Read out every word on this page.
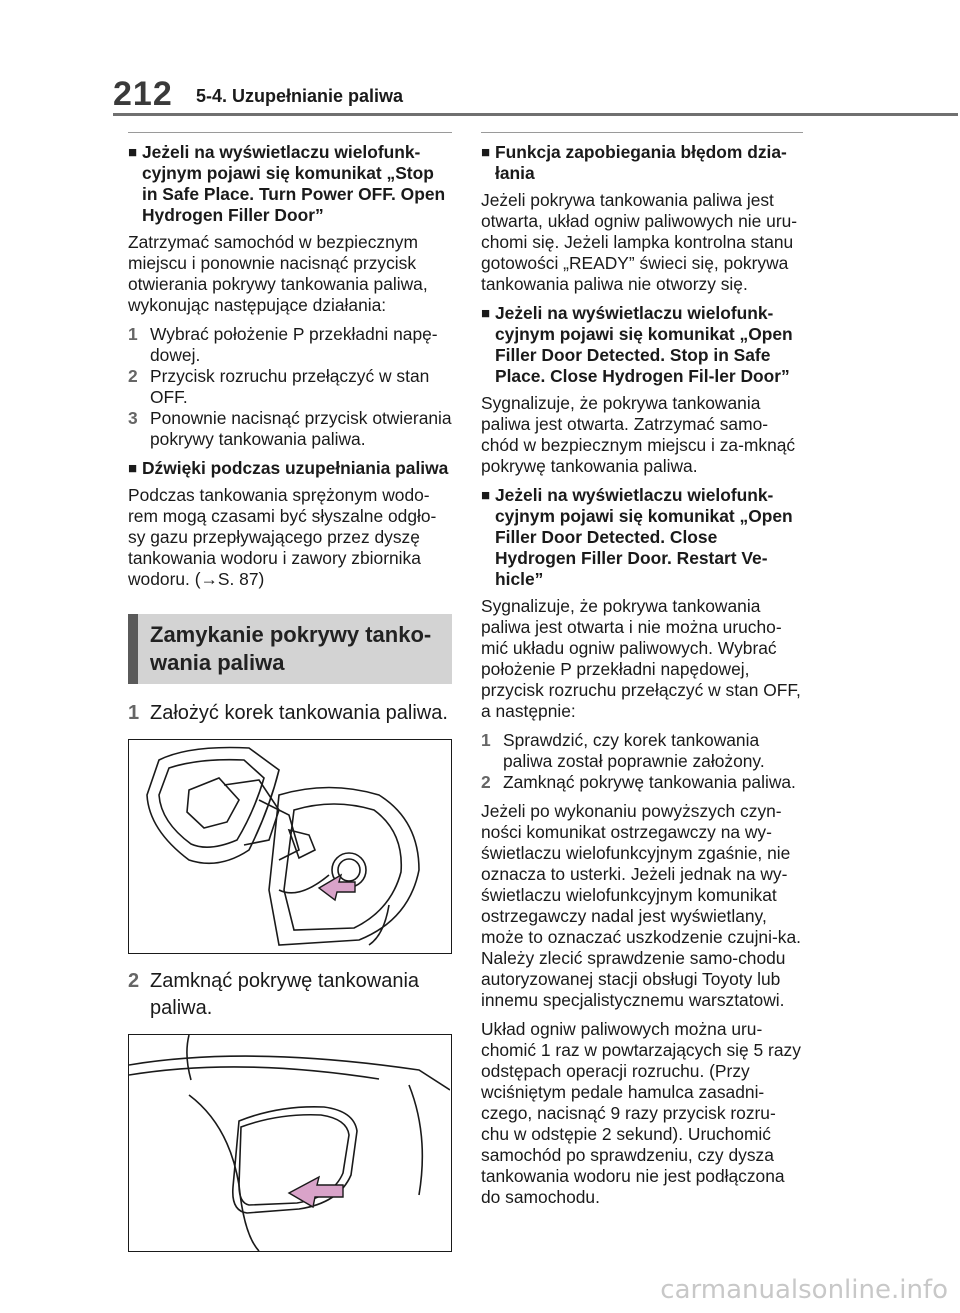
212 5-4. Uzupełnianie paliwa
■ Jeżeli na wyświetlaczu wielofunk-cyjnym pojawi się komunikat „Stop in Safe Place. Turn Power OFF. Open Hydrogen Filler Door”

Zatrzymać samochód w bezpiecznym miejscu i ponownie nacisnąć przycisk otwierania pokrywy tankowania paliwa, wykonując następujące działania:

1 Wybrać położenie P przekładni napę-dowej.
2 Przycisk rozruchu przełączyć w stan OFF.
3 Ponownie nacisnąć przycisk otwierania pokrywy tankowania paliwa.
■ Dźwięki podczas uzupełniania paliwa

Podczas tankowania sprężonym wodo-rem mogą czasami być słyszalne odgło-sy gazu przepływającego przez dyszę tankowania wodoru i zawory zbiornika wodoru. (→S. 87)

Zamykanie pokrywy tanko-wania paliwa
1 Założyć korek tankowania paliwa.
2 Zamknąć pokrywę tankowania paliwa.
■ Funkcja zapobiegania błędom dzia-łania

Jeżeli pokrywa tankowania paliwa jest otwarta, układ ogniw paliwowych nie uru-chomi się. Jeżeli lampka kontrolna stanu gotowości „READY” świeci się, pokrywa tankowania paliwa nie otworzy się.

■ Jeżeli na wyświetlaczu wielofunk-cyjnym pojawi się komunikat „Open Filler Door Detected. Stop in Safe Place. Close Hydrogen Fil-ler Door”

Sygnalizuje, że pokrywa tankowania paliwa jest otwarta. Zatrzymać samo-chód w bezpiecznym miejscu i za-mknąć pokrywę tankowania paliwa.

■ Jeżeli na wyświetlaczu wielofunk-cyjnym pojawi się komunikat „Open Filler Door Detected. Close Hydrogen Filler Door. Restart Ve-hicle”

Sygnalizuje, że pokrywa tankowania paliwa jest otwarta i nie można urucho-mić układu ogniw paliwowych. Wybrać położenie P przekładni napędowej, przycisk rozruchu przełączyć w stan OFF, a następnie:

1 Sprawdzić, czy korek tankowania paliwa został poprawnie założony.
2 Zamknąć pokrywę tankowania paliwa.

Jeżeli po wykonaniu powyższych czyn-ności komunikat ostrzegawczy na wy-świetlaczu wielofunkcyjnym zgaśnie, nie oznacza to usterki. Jeżeli jednak na wy-świetlaczu wielofunkcyjnym komunikat ostrzegawczy nadal jest wyświetlany, może to oznaczać uszkodzenie czujni-ka. Należy zlecić sprawdzenie samo-chodu autoryzowanej stacji obsługi Toyoty lub innemu specjalistycznemu warsztatowi.

Układ ogniw paliwowych można uru-chomić 1 raz w powtarzających się 5 razy odstępach operacji rozruchu. (Przy wciśniętym pedale hamulca zasadni-czego, nacisnąć 9 razy przycisk rozru-chu w odstępie 2 sekund). Uruchomić samochód po sprawdzeniu, czy dysza tankowania wodoru nie jest podłączona do samochodu.

carmanualsonline.info
